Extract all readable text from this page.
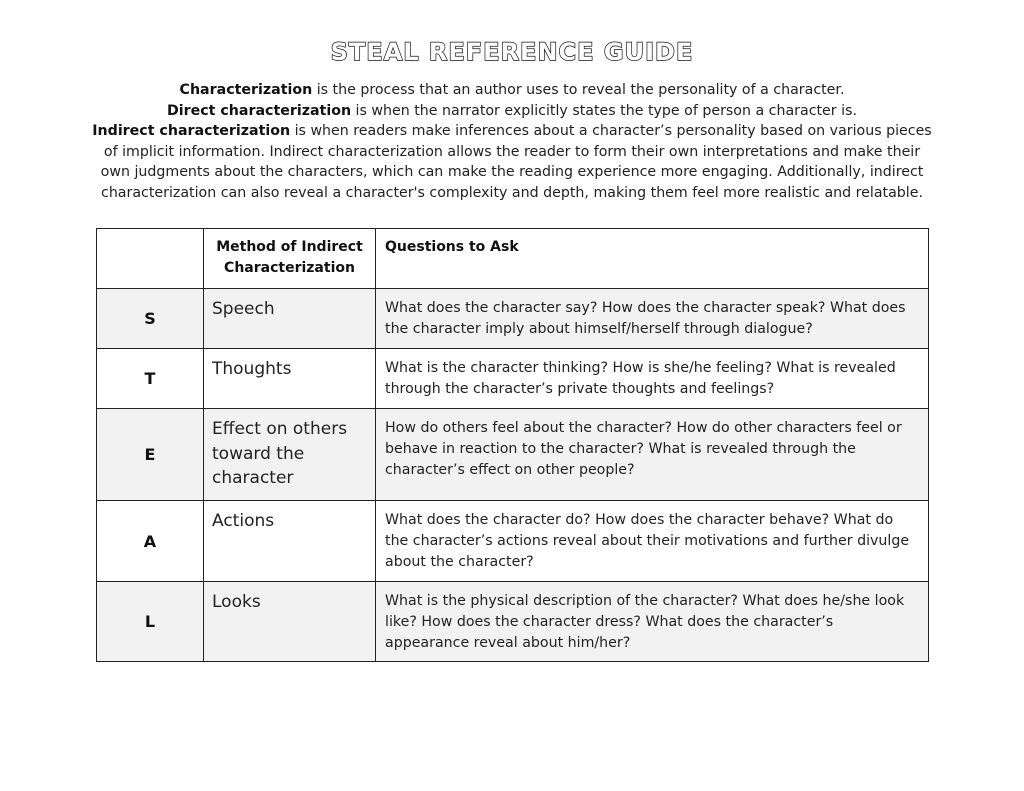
STEAL REFERENCE GUIDE

Characterization is the process that an author uses to reveal the personality of a character.

Direct characterization is when the narrator explicitly states the type of person a character is.

Indirect characterization is when readers make inferences about a character’s personality based on various pieces of implicit information. Indirect characterization allows the reader to form their own interpretations and make their own judgments about the characters, which can make the reading experience more engaging. Additionally, indirect characterization can also reveal a character's complexity and depth, making them feel more realistic and relatable.

	Method of Indirect Characterization	Questions to Ask
S	Speech	What does the character say? How does the character speak? What does the character imply about himself/herself through dialogue?
T	Thoughts	What is the character thinking? How is she/he feeling? What is revealed through the character’s private thoughts and feelings?
E	Effect on others toward the character	How do others feel about the character? How do other characters feel or behave in reaction to the character? What is revealed through the character’s effect on other people?
A	Actions	What does the character do? How does the character behave? What do the character’s actions reveal about their motivations and further divulge about the character?
L	Looks	What is the physical description of the character? What does he/she look like? How does the character dress? What does the character’s appearance reveal about him/her?
